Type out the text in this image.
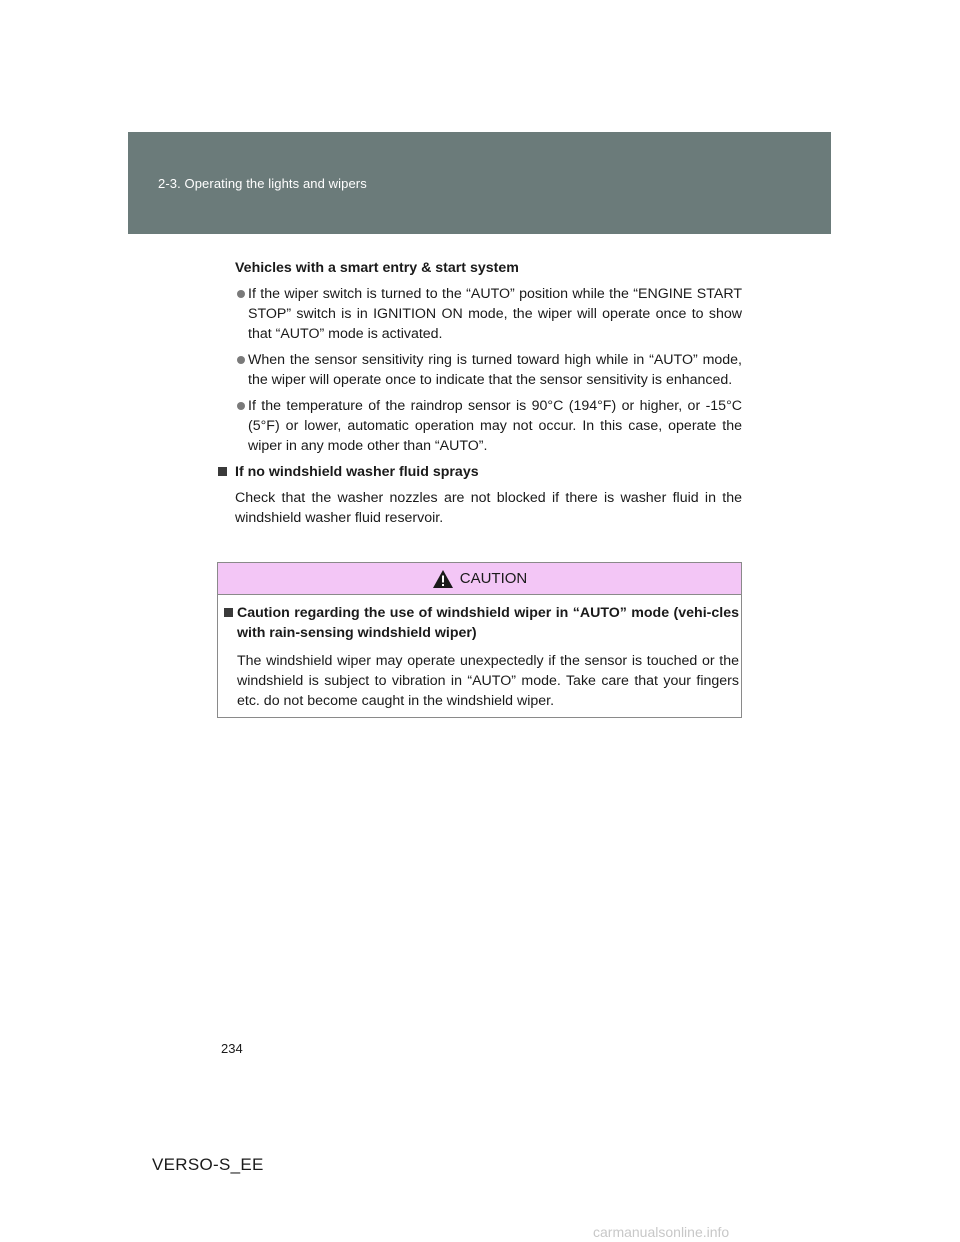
2-3. Operating the lights and wipers
Vehicles with a smart entry & start system
If the wiper switch is turned to the “AUTO” position while the “ENGINE START STOP” switch is in IGNITION ON mode, the wiper will operate once to show that “AUTO” mode is activated.
When the sensor sensitivity ring is turned toward high while in “AUTO” mode, the wiper will operate once to indicate that the sensor sensitivity is enhanced.
If the temperature of the raindrop sensor is 90°C (194°F) or higher, or -15°C (5°F) or lower, automatic operation may not occur. In this case, operate the wiper in any mode other than “AUTO”.
If no windshield washer fluid sprays
Check that the washer nozzles are not blocked if there is washer fluid in the windshield washer fluid reservoir.
CAUTION
Caution regarding the use of windshield wiper in “AUTO” mode (vehi-cles with rain-sensing windshield wiper)
The windshield wiper may operate unexpectedly if the sensor is touched or the windshield is subject to vibration in “AUTO” mode. Take care that your fingers etc. do not become caught in the windshield wiper.
234
VERSO-S_EE
carmanualsonline.info
